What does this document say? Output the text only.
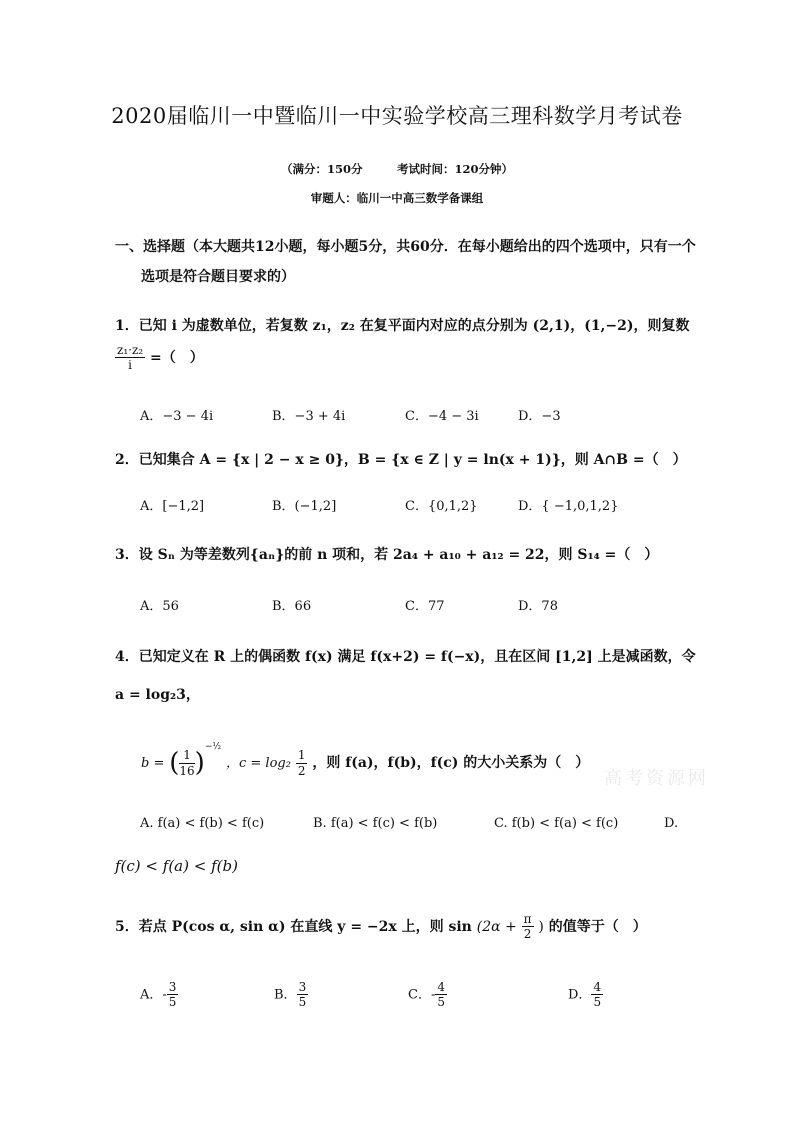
2020届临川一中暨临川一中实验学校高三理科数学月考试卷
（满分：150分　　　考试时间：120分钟）
审题人：临川一中高三数学备课组
一、选择题（本大题共12小题，每小题5分，共60分．在每小题给出的四个选项中，只有一个
选项是符合题目要求的）
1．已知 i 为虚数单位，若复数 z₁，z₂ 在复平面内对应的点分别为 (2,1)，(1,−2)，则复数
$\frac{\text{z₁·z₂}}{i}$ =（　）
A．−3 − 4i	B．−3 + 4i	C．−4 − 3i	D．−3
2．已知集合 A = {x | 2 − x ≥ 0}，B = {x ∈ Z | y = ln(x + 1)}，则 A∩B =（　）
A．[−1,2]	B．(−1,2]	C．{0,1,2}	D．{ −1,0,1,2}
3．设 Sₙ 为等差数列{aₙ}的前 n 项和，若 2a₄ + a₁₀ + a₁₂ = 22，则 S₁₄ =（　）
A．56	B．66	C．77	D．78
4．已知定义在 R 上的偶函数 f(x) 满足 f(x+2) = f(−x)，且在区间 [1,2] 上是减函数，令
a = log₂3，
b = ( $\frac{1}{16} )^{-\frac{1}{2}}$ ，$c = \log_2 \frac{1}{2}$ ，则 f(a)，f(b)，f(c) 的大小关系为（　）
A. f(a) < f(b) < f(c)	B. f(a) < f(c) < f(b)	C. f(b) < f(a) < f(c)	D.
f(c) < f(a) < f(b)
5．若点 P(cos α, sin α) 在直线 y = −2x 上，则 $\sin (2\alpha + \frac{\pi}{2}$ ) 的值等于（　）
A．- $\frac{3}{5}$	B． $\frac{3}{5}$	C．- $\frac{4}{5}$	D． $\frac{4}{5}$
高考资源网
